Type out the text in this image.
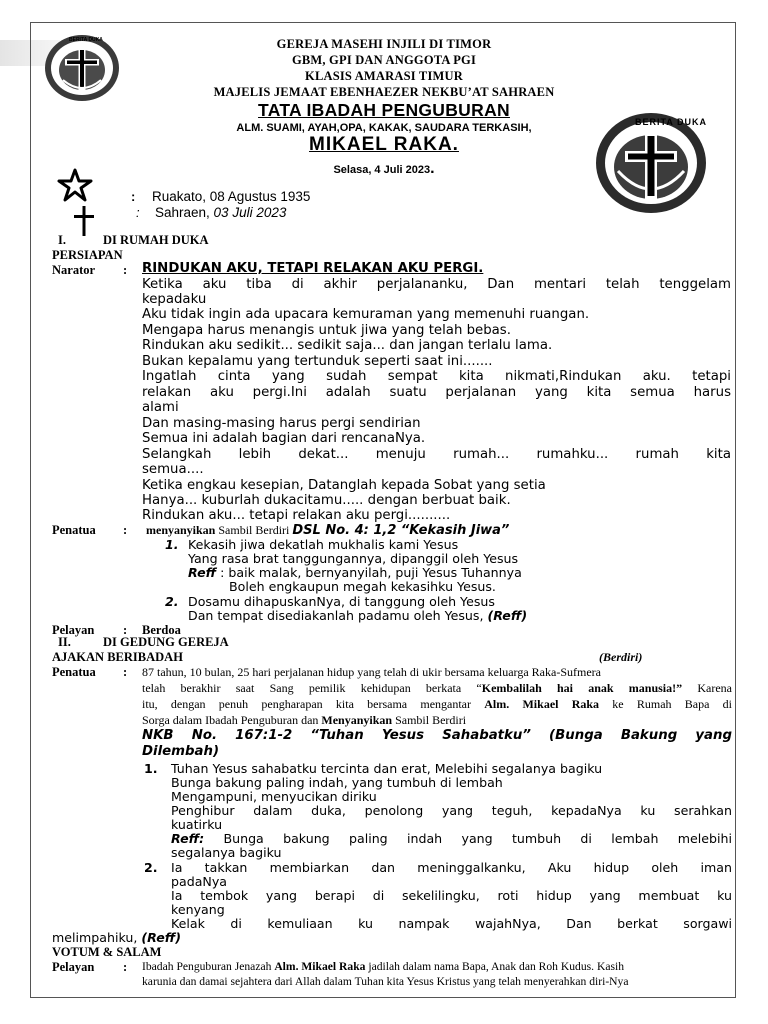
BERITA DUKA
BERITA DUKA
GEREJA MASEHI INJILI DI TIMOR
GBM, GPI DAN ANGGOTA PGI
KLASIS AMARASI TIMUR
MAJELIS JEMAAT EBENHAEZER NEKBU’AT SAHRAEN
TATA IBADAH PENGUBURAN
ALM. SUAMI, AYAH,OPA, KAKAK, SAUDARA TERKASIH,
MIKAEL RAKA.
Selasa, 4 Juli 2023.
: Ruakato, 08 Agustus 1935
: Sahraen, 03 Juli 2023
I.	DI RUMAH DUKA
PERSIAPAN
Narator : RINDUKAN AKU, TETAPI RELAKAN AKU PERGI.
Ketika aku tiba di akhir perjalananku, Dan mentari telah tenggelam
kepadaku
Aku tidak ingin ada upacara kemuraman yang memenuhi ruangan.
Mengapa harus menangis untuk jiwa yang telah bebas.
Rindukan aku sedikit... sedikit saja... dan jangan terlalu lama.
Bukan kepalamu yang tertunduk seperti saat ini.......
Ingatlah cinta yang sudah sempat kita nikmati,Rindukan aku. tetapi
relakan aku pergi.Ini adalah suatu perjalanan yang kita semua harus
alami
Dan masing-masing harus pergi sendirian
Semua ini adalah bagian dari rencanaNya.
Selangkah lebih dekat... menuju rumah... rumahku... rumah kita
semua....
Ketika engkau kesepian, Datanglah kepada Sobat yang setia
Hanya... kuburlah dukacitamu..... dengan berbuat baik.
Rindukan aku... tetapi relakan aku pergi..........
Penatua : menyanyikan Sambil Berdiri DSL No. 4: 1,2 “Kekasih Jiwa”
1. Kekasih jiwa dekatlah mukhalis kami Yesus
Yang rasa brat tanggungannya, dipanggil oleh Yesus
Reff : baik malak, bernyanyilah, puji Yesus Tuhannya
Boleh engkaupun megah kekasihku Yesus.
2. Dosamu dihapuskanNya, di tanggung oleh Yesus
Dan tempat disediakanlah padamu oleh Yesus, (Reff)
Pelayan : Berdoa
II.	DI GEDUNG GEREJA
AJAKAN BERIBADAH	(Berdiri)
Penatua : 87 tahun, 10 bulan, 25 hari perjalanan hidup yang telah di ukir bersama keluarga Raka-Sufmera
telah berakhir saat Sang pemilik kehidupan berkata “Kembalilah hai anak manusia!” Karena
itu, dengan penuh pengharapan kita bersama mengantar Alm. Mikael Raka ke Rumah Bapa di
Sorga dalam Ibadah Penguburan dan Menyanyikan Sambil Berdiri
NKB No. 167:1-2 “Tuhan Yesus Sahabatku” (Bunga Bakung yang
Dilembah)
1. Tuhan Yesus sahabatku tercinta dan erat, Melebihi segalanya bagiku
Bunga bakung paling indah, yang tumbuh di lembah
Mengampuni, menyucikan diriku
Penghibur dalam duka, penolong yang teguh, kepadaNya ku serahkan
kuatirku
Reff: Bunga bakung paling indah yang tumbuh di lembah melebihi
segalanya bagiku
2. Ia takkan membiarkan dan meninggalkanku, Aku hidup oleh iman
padaNya
Ia tembok yang berapi di sekelilingku, roti hidup yang membuat ku
kenyang
Kelak di kemuliaan ku nampak wajahNya, Dan berkat sorgawi
melimpahiku, (Reff)
VOTUM & SALAM
Pelayan : Ibadah Penguburan Jenazah Alm. Mikael Raka jadilah dalam nama Bapa, Anak dan Roh Kudus. Kasih
karunia dan damai sejahtera dari Allah dalam Tuhan kita Yesus Kristus yang telah menyerahkan diri-Nya
